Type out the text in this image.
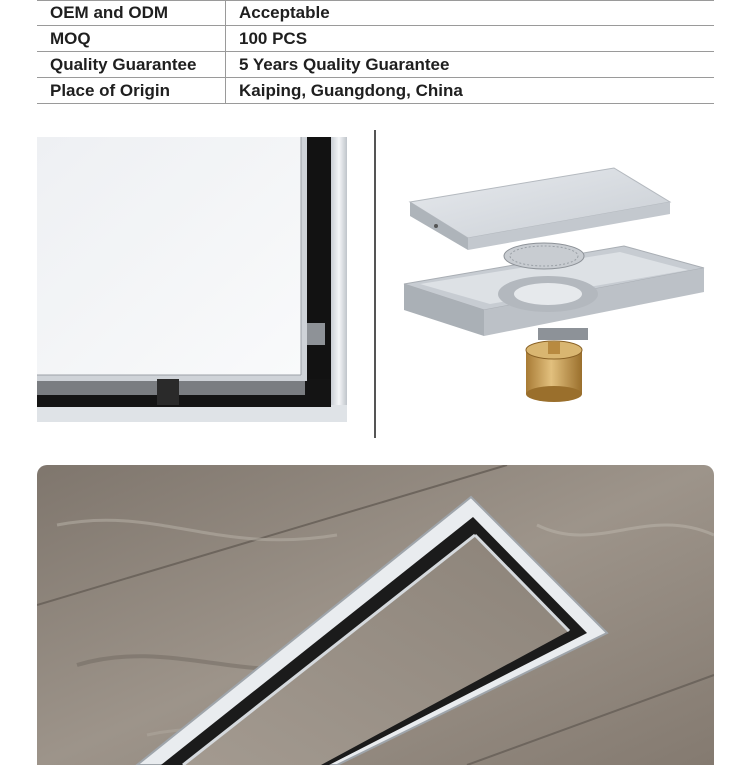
OEM and ODM	Acceptable
MOQ	100 PCS
Quality Guarantee	5 Years Quality Guarantee
Place of Origin	Kaiping, Guangdong, China
